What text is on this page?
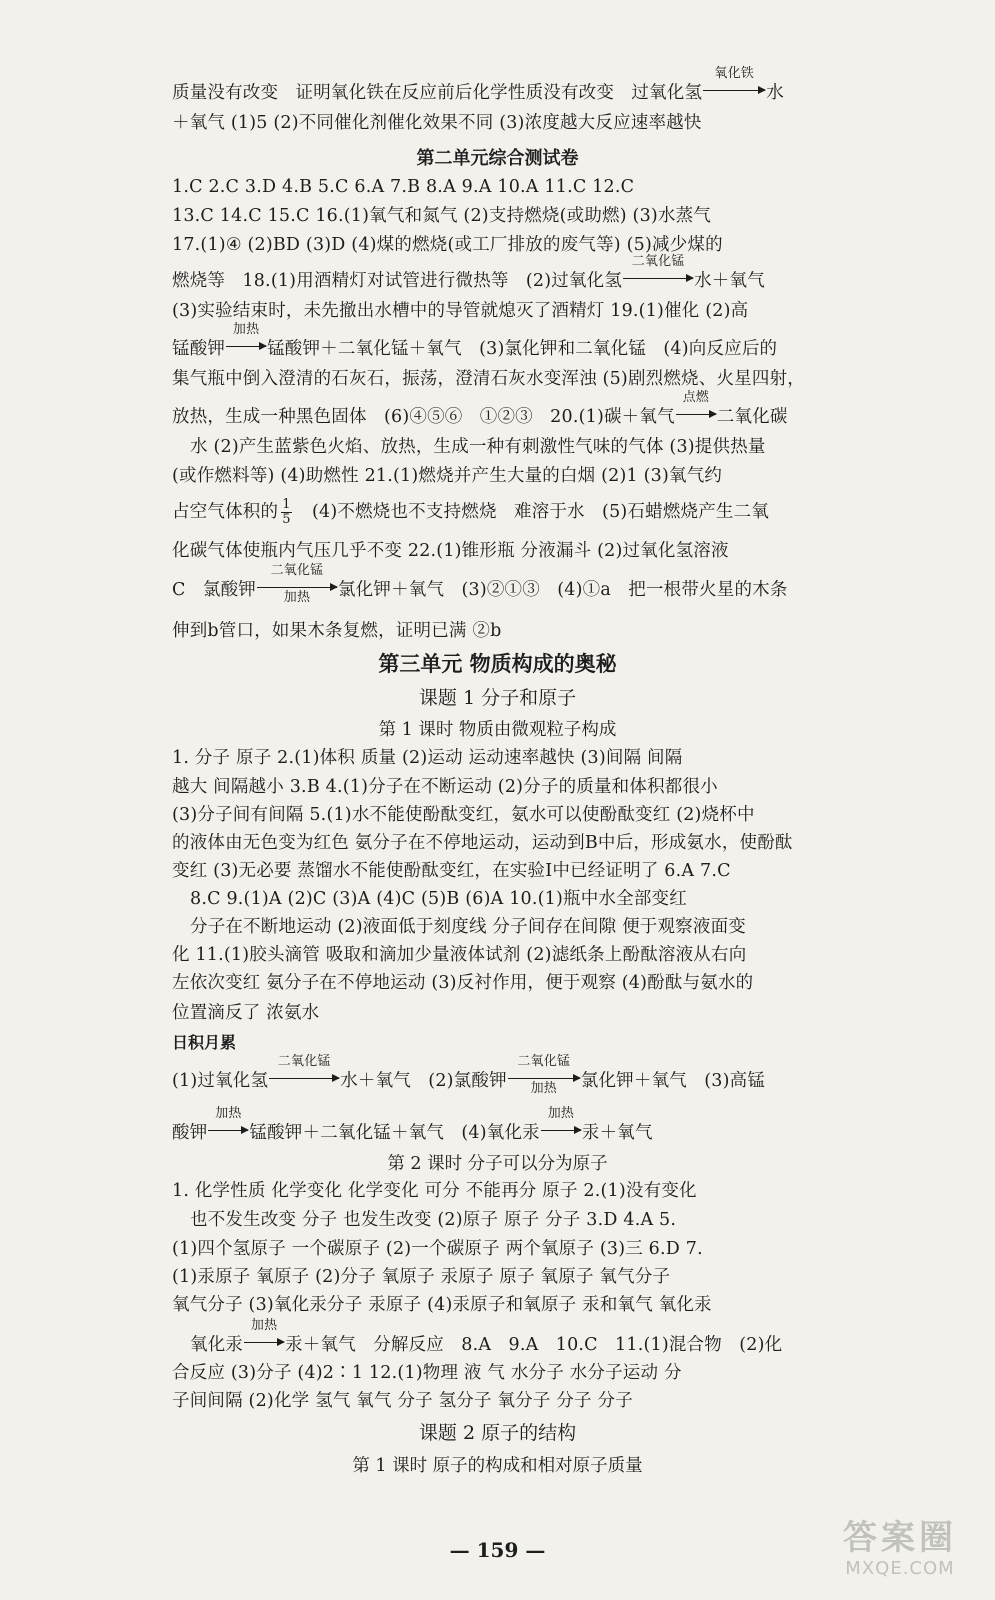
质量没有改变   证明氧化铁在反应前后化学性质没有改变   过氧化氢
氧化铁
水
＋氧气 (1)5 (2)不同催化剂催化效果不同 (3)浓度越大反应速率越快
第二单元综合测试卷
1.C 2.C 3.D 4.B 5.C 6.A 7.B 8.A 9.A 10.A 11.C 12.C
13.C 14.C 15.C 16.(1)氧气和氮气 (2)支持燃烧(或助燃) (3)水蒸气
17.(1)④ (2)BD (3)D (4)煤的燃烧(或工厂排放的废气等) (5)减少煤的
燃烧等   18.(1)用酒精灯对试管进行微热等   (2)过氧化氢
二氧化锰
水＋氧气
(3)实验结束时，未先撤出水槽中的导管就熄灭了酒精灯 19.(1)催化 (2)高
锰酸钾
加热
锰酸钾＋二氧化锰＋氧气   (3)氯化钾和二氧化锰   (4)向反应后的
集气瓶中倒入澄清的石灰石，振荡，澄清石灰水变浑浊 (5)剧烈燃烧、火星四射，
放热，生成一种黑色固体   (6)④⑤⑥   ①②③   20.(1)碳＋氧气
点燃
二氧化碳
水 (2)产生蓝紫色火焰、放热，生成一种有刺激性气味的气体 (3)提供热量
(或作燃料等) (4)助燃性 21.(1)燃烧并产生大量的白烟 (2)1 (3)氧气约
占空气体积的 $\frac{1}{5} (4)$不燃烧也不支持燃烧   难溶于水   (5)石蜡燃烧产生二氧
化碳气体使瓶内气压几乎不变 22.(1)锥形瓶 分液漏斗 (2)过氧化氢溶液
C   氯酸钾
二氧化锰
加热	氯化钾＋氧气   (3)②①③   (4)①a   把一根带火星的木条
伸到b管口，如果木条复燃，证明已满 ②b
第三单元 物质构成的奥秘
课题 1 分子和原子
第 1 课时 物质由微观粒子构成
1. 分子 原子 2.(1)体积 质量 (2)运动 运动速率越快 (3)间隔 间隔
越大 间隔越小 3.B 4.(1)分子在不断运动 (2)分子的质量和体积都很小
(3)分子间有间隔 5.(1)水不能使酚酞变红，氨水可以使酚酞变红 (2)烧杯中
的液体由无色变为红色 氨分子在不停地运动，运动到B中后，形成氨水，使酚酞
变红 (3)无必要 蒸馏水不能使酚酞变红，在实验Ⅰ中已经证明了 6.A 7.C
8.C 9.(1)A (2)C (3)A (4)C (5)B (6)A 10.(1)瓶中水全部变红
分子在不断地运动 (2)液面低于刻度线 分子间存在间隙 便于观察液面变
化 11.(1)胶头滴管 吸取和滴加少量液体试剂 (2)滤纸条上酚酞溶液从右向
左依次变红 氨分子在不停地运动 (3)反衬作用，便于观察 (4)酚酞与氨水的
位置滴反了 浓氨水
日积月累
(1)过氧化氢
二氧化锰
水＋氧气   (2)氯酸钾
二氧化锰
加热	氯化钾＋氧气   (3)高锰
酸钾
加热
锰酸钾＋二氧化锰＋氧气   (4)氧化汞
加热
汞＋氧气
第 2 课时 分子可以分为原子
1. 化学性质 化学变化 化学变化 可分 不能再分 原子 2.(1)没有变化
也不发生改变 分子 也发生改变 (2)原子 原子 分子 3.D 4.A 5.
(1)四个氢原子 一个碳原子 (2)一个碳原子 两个氧原子 (3)三 6.D 7.
(1)汞原子 氧原子 (2)分子 氧原子 汞原子 原子 氧原子 氧气分子
氧气分子 (3)氧化汞分子 汞原子 (4)汞原子和氧原子 汞和氧气 氧化汞
氧化汞
加热
汞＋氧气   分解反应   8.A   9.A   10.C   11.(1)混合物   (2)化
合反应 (3)分子 (4)2∶1 12.(1)物理 液 气 水分子 水分子运动 分
子间间隔 (2)化学 氢气 氧气 分子 氢分子 氧分子 分子 分子
课题 2 原子的结构
第 1 课时 原子的构成和相对原子质量
— 159 —	答案圈
MXQE.COM
